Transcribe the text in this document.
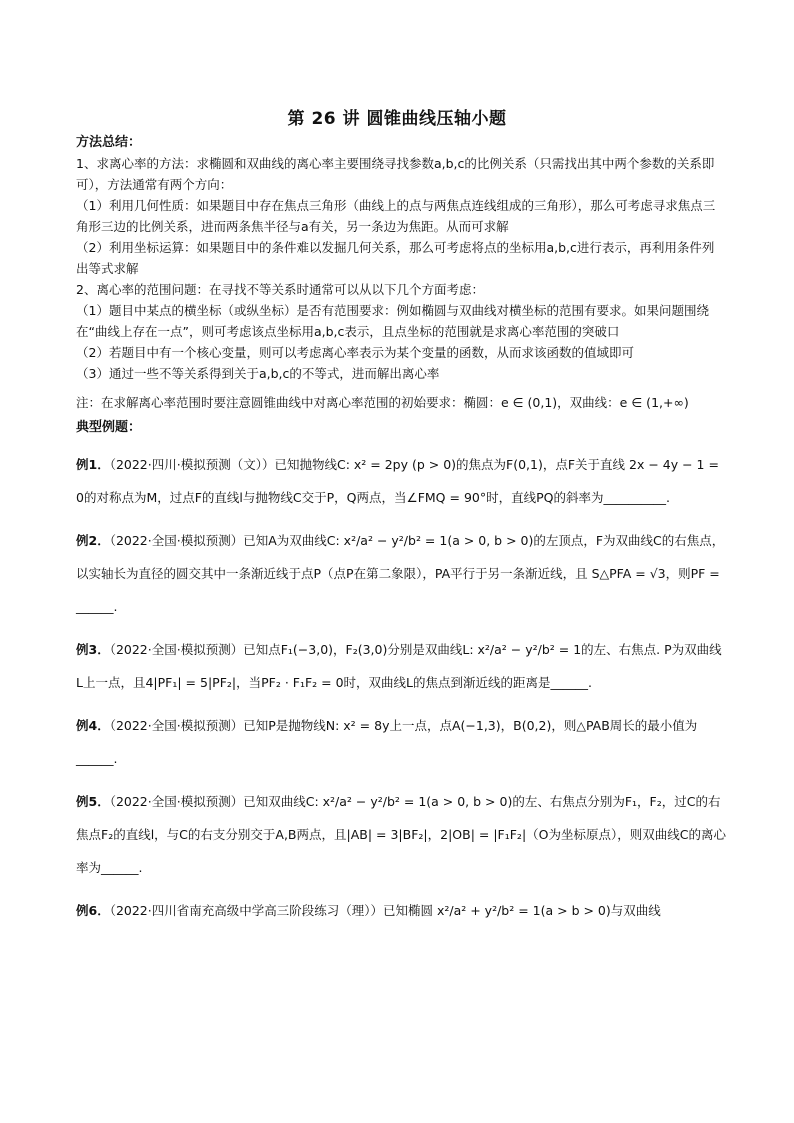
第 26 讲 圆锥曲线压轴小题

方法总结：

1、求离心率的方法：求椭圆和双曲线的离心率主要围绕寻找参数a,b,c的比例关系（只需找出其中两个参数的关系即可），方法通常有两个方向：

（1）利用几何性质：如果题目中存在焦点三角形（曲线上的点与两焦点连线组成的三角形），那么可考虑寻求焦点三角形三边的比例关系，进而两条焦半径与a有关，另一条边为焦距。从而可求解

（2）利用坐标运算：如果题目中的条件难以发掘几何关系，那么可考虑将点的坐标用a,b,c进行表示，再利用条件列出等式求解

2、离心率的范围问题：在寻找不等关系时通常可以从以下几个方面考虑：

（1）题目中某点的横坐标（或纵坐标）是否有范围要求：例如椭圆与双曲线对横坐标的范围有要求。如果问题围绕在“曲线上存在一点”，则可考虑该点坐标用a,b,c表示，且点坐标的范围就是求离心率范围的突破口

（2）若题目中有一个核心变量，则可以考虑离心率表示为某个变量的函数，从而求该函数的值域即可

（3）通过一些不等关系得到关于a,b,c的不等式，进而解出离心率

注：在求解离心率范围时要注意圆锥曲线中对离心率范围的初始要求：椭圆：e ∈ (0,1)，双曲线：e ∈ (1,+∞)

典型例题：

例1．（2022·四川·模拟预测（文））已知抛物线C: x² = 2py (p > 0)的焦点为F(0,1)，点F关于直线 2x − 4y − 1 = 0的对称点为M，过点F的直线l与抛物线C交于P，Q两点，当∠FMQ = 90°时，直线PQ的斜率为__________.
例2．（2022·全国·模拟预测）已知A为双曲线C: x²/a² − y²/b² = 1(a > 0, b > 0)的左顶点，F为双曲线C的右焦点，以实轴长为直径的圆交其中一条渐近线于点P（点P在第二象限），PA平行于另一条渐近线，且 S△PFA = √3，则PF = ______.
例3．（2022·全国·模拟预测）已知点F₁(−3,0)，F₂(3,0)分别是双曲线L: x²/a² − y²/b² = 1的左、右焦点. P为双曲线L上一点，且4|PF₁| = 5|PF₂|，当PF₂ · F₁F₂ = 0时，双曲线L的焦点到渐近线的距离是______.
例4．（2022·全国·模拟预测）已知P是抛物线N: x² = 8y上一点，点A(−1,3)，B(0,2)，则△PAB周长的最小值为______.
例5．（2022·全国·模拟预测）已知双曲线C: x²/a² − y²/b² = 1(a > 0, b > 0)的左、右焦点分别为F₁，F₂，过C的右焦点F₂的直线l，与C的右支分别交于A,B两点，且|AB| = 3|BF₂|，2|OB| = |F₁F₂|（O为坐标原点），则双曲线C的离心率为______.
例6．（2022·四川省南充高级中学高三阶段练习（理））已知椭圆 x²/a² + y²/b² = 1(a > b > 0)与双曲线
